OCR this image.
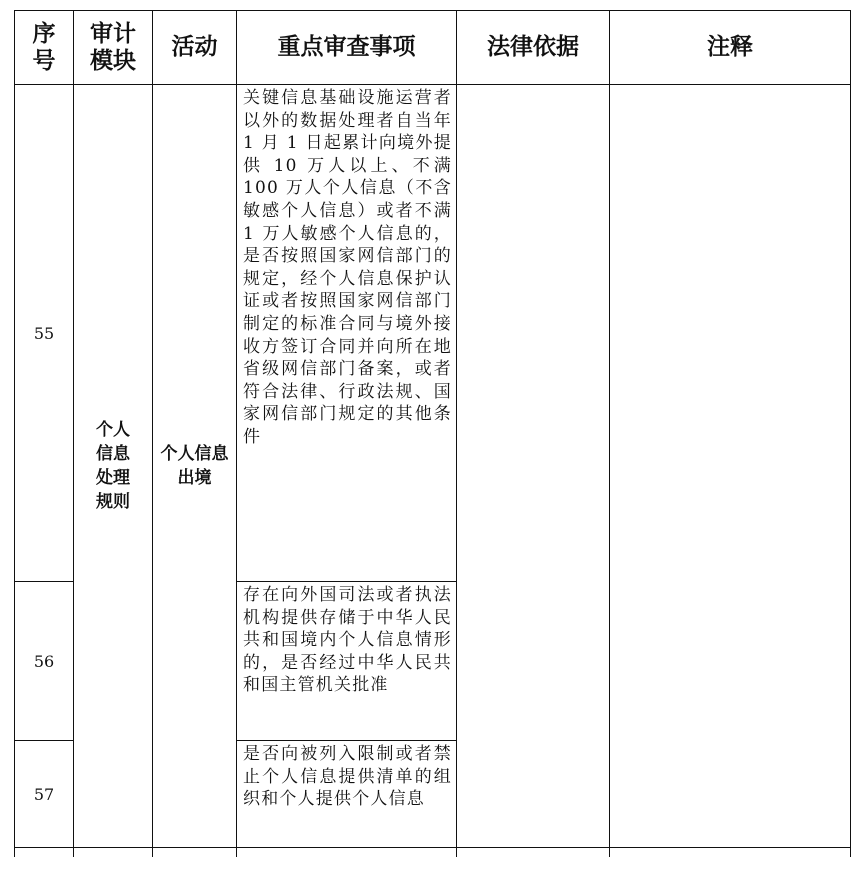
序号	审计模块	活动	重点审查事项	法律依据	注释
55	个人信息处理规则	个人信息出境	关键信息基础设施运营者以外的数据处理者自当年 1 月 1 日起累计向境外提供 10 万人以上、不满 100 万人个人信息（不含敏感个人信息）或者不满 1 万人敏感个人信息的，是否按照国家网信部门的规定，经个人信息保护认证或者按照国家网信部门制定的标准合同与境外接收方签订合同并向所在地省级网信部门备案，或者符合法律、行政法规、国家网信部门规定的其他条件		
56			存在向外国司法或者执法机构提供存储于中华人民共和国境内个人信息情形的，是否经过中华人民共和国主管机关批准		
57			是否向被列入限制或者禁止个人信息提供清单的组织和个人提供个人信息		
